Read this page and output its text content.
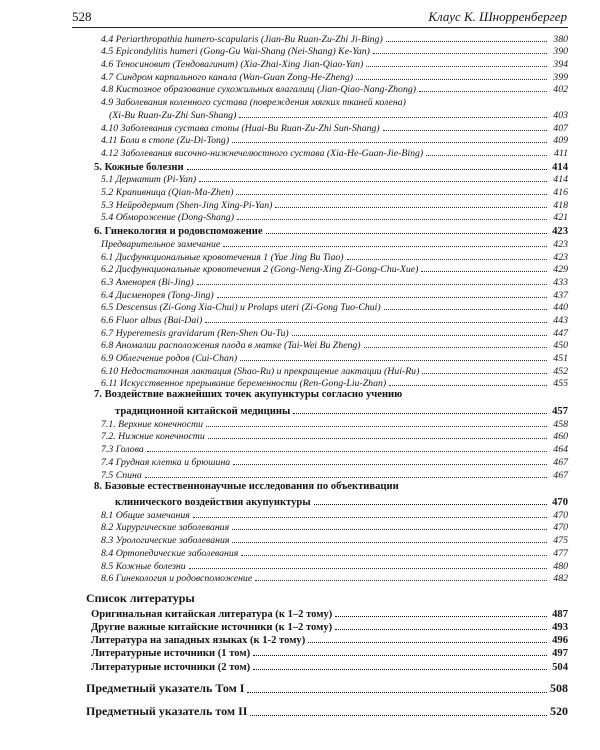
528	Клаус К. Шнорренбергер
4.4 Periarthropathia humero-scapularis (Jian-Bu Ruan-Zu-Zhi Ji-Bing)	380
4.5 Epicondylitis humeri (Gong-Gu Wai-Shang (Nei-Shang) Ke-Yan)	390
4.6 Теносиновит (Тендовагинит) (Xia-Zhai-Xing Jian-Qiao-Yan)	394
4.7 Синдром карпального канала (Wan-Guan Zong-He-Zheng)	399
4.8 Кистозное образование сухожильных влагалищ (Jian-Qiao-Nang-Zhong)	402
4.9 Заболевания коленного сустава (повреждения мягких тканей колена)
(Xi-Bu Ruan-Zu-Zhi Sun-Shang)	403
4.10 Заболевания сустава стопы (Huai-Bu Ruan-Zu-Zhi Sun-Shang)	407
4.11 Боли в стопе (Zu-Di-Tong)	409
4.12 Заболевания височно-нижнечелюстного сустава (Xia-He-Guan-Jie-Bing)	411
5. Кожные болезни	414
5.1 Дерматит (Pi-Yan)	414
5.2 Крапивница (Qian-Ma-Zhen)	416
5.3 Нейродермит (Shen-Jing Xing-Pi-Yan)	418
5.4 Обморожение (Dong-Shang)	421
6. Гинекология и родовспоможение	423
Предварительное замечание	423
6.1 Дисфункциональные кровотечения 1 (Yue Jing Bu Tiao)	423
6.2 Дисфункциональные кровотечения 2 (Gong-Neng-Xing Zi-Gong-Chu-Xue)	429
6.3 Аменорея (Bi-Jing)	433
6.4 Дисменорея (Tong-Jing)	437
6.5 Descensus (Zi-Gong Xia-Chui) и Prolaps uteri (Zi-Gong Tuo-Chui)	440
6.6 Fluor albus (Bai-Dai)	443
6.7 Hyperemesis gravidarum (Ren-Shen Ou-Tu)	447
6.8 Аномалии расположения плода в матке (Tai-Wei Bu Zheng)	450
6.9 Облегчение родов (Cui-Chan)	451
6.10 Недостаточная лактация (Shao-Ru) и прекращение лактации (Hui-Ru)	452
6.11 Искусственное прерывание беременности (Ren-Gong-Liu-Zhan)	455
7. Воздействие важнейших точек акупунктуры согласно учению
традиционной китайской медицины	457
7.1. Верхние конечности	458
7.2. Нижние конечности	460
7.3 Голова	464
7.4 Грудная клетка и брюшина	467
7.5 Спина	467
8. Базовые естественнонаучные исследования по объективации
клинического воздействия акупунктуры	470
8.1 Общие замечания	470
8.2 Хирургические заболевания	470
8.3 Урологические заболевания	475
8.4 Ортопедические заболевания	477
8.5 Кожные болезни	480
8.6 Гинекология и родовспоможение	482
Список литературы
Оригинальная китайская литература (к 1–2 тому)	487
Другие важные китайские источники (к 1–2 тому)	493
Литература на западных языках (к 1-2 тому)	496
Литературные источники (1 том)	497
Литературные источники (2 том)	504
Предметный указатель Том I	508
Предметный указатель том II	520
